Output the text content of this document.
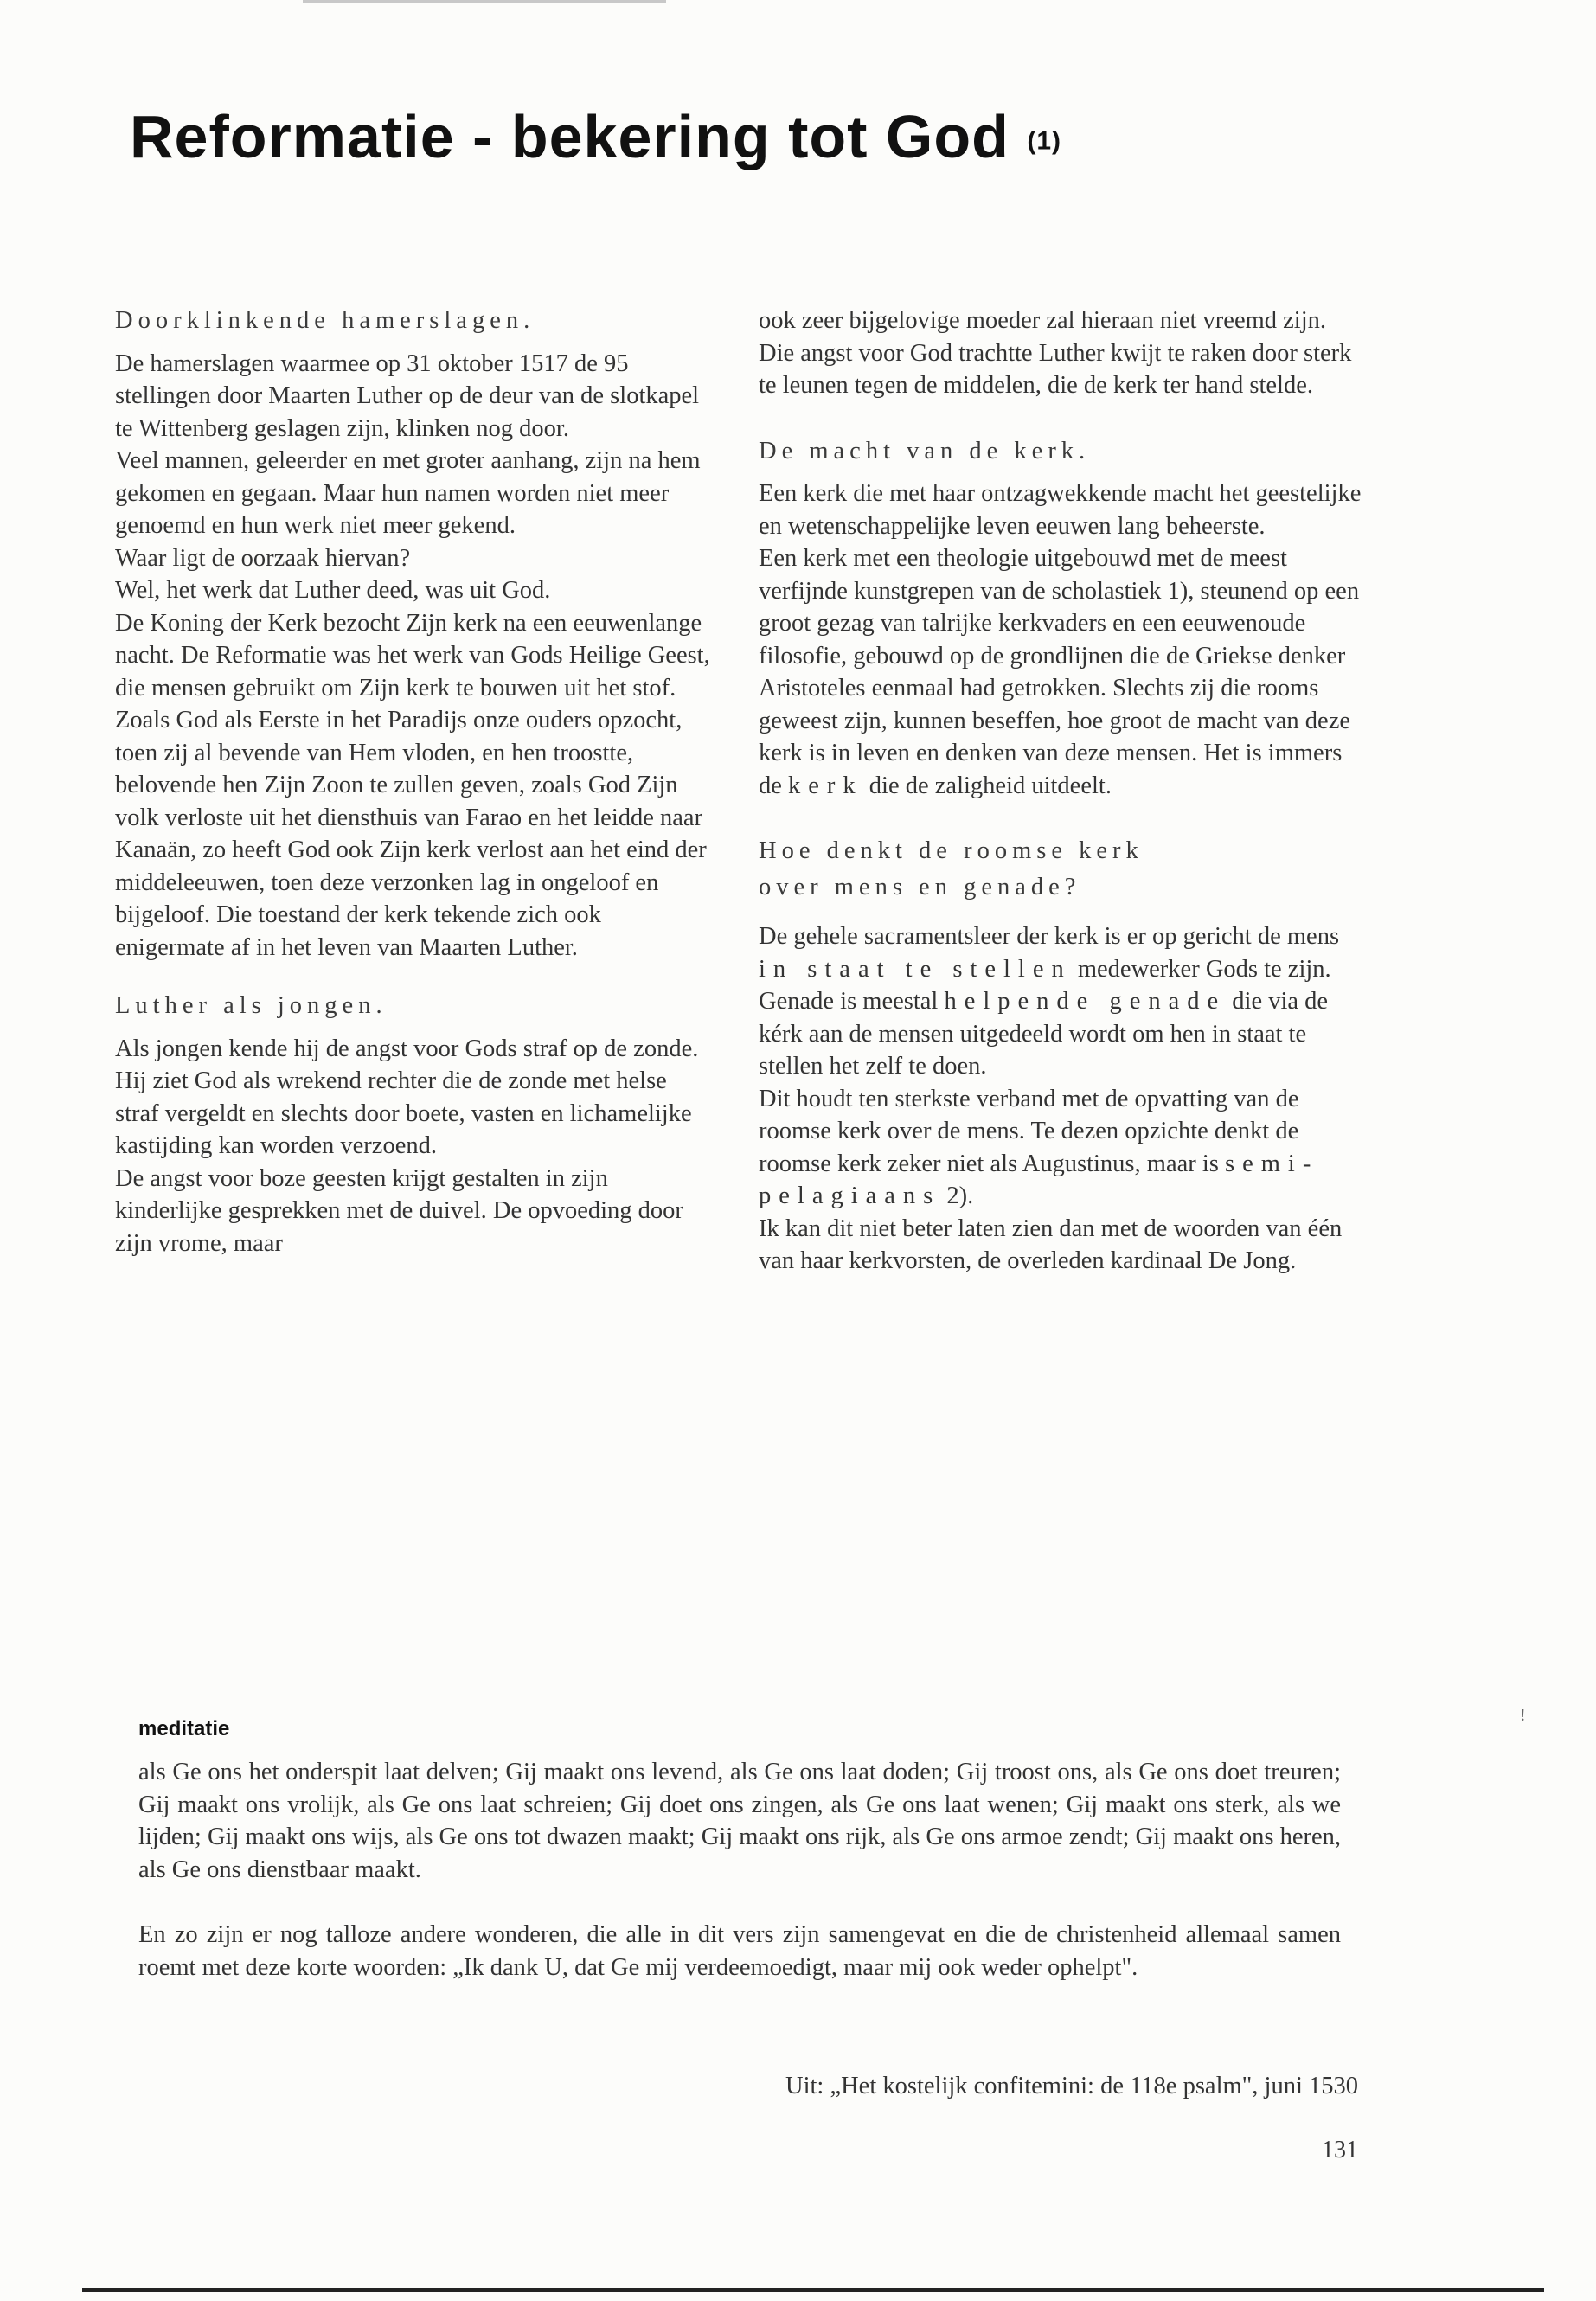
Reformatie - bekering tot God (1)

Doorklinkende hamerslagen.

De hamerslagen waarmee op 31 oktober 1517 de 95 stellingen door Maarten Luther op de deur van de slotkapel te Wittenberg geslagen zijn, klinken nog door.

Veel mannen, geleerder en met groter aanhang, zijn na hem gekomen en gegaan. Maar hun namen worden niet meer genoemd en hun werk niet meer gekend.

Waar ligt de oorzaak hiervan?

Wel, het werk dat Luther deed, was uit God.

De Koning der Kerk bezocht Zijn kerk na een eeuwenlange nacht. De Reformatie was het werk van Gods Heilige Geest, die mensen gebruikt om Zijn kerk te bouwen uit het stof.

Zoals God als Eerste in het Paradijs onze ouders opzocht, toen zij al bevende van Hem vloden, en hen troostte, belovende hen Zijn Zoon te zullen geven, zoals God Zijn volk verloste uit het diensthuis van Farao en het leidde naar Kanaän, zo heeft God ook Zijn kerk verlost aan het eind der middeleeuwen, toen deze verzonken lag in ongeloof en bijgeloof. Die toestand der kerk tekende zich ook enigermate af in het leven van Maarten Luther.

Luther als jongen.

Als jongen kende hij de angst voor Gods straf op de zonde. Hij ziet God als wrekend rechter die de zonde met helse straf vergeldt en slechts door boete, vasten en lichamelijke kastijding kan worden verzoend.

De angst voor boze geesten krijgt gestalten in zijn kinderlijke gesprekken met de duivel. De opvoeding door zijn vrome, maar

ook zeer bijgelovige moeder zal hieraan niet vreemd zijn.

Die angst voor God trachtte Luther kwijt te raken door sterk te leunen tegen de middelen, die de kerk ter hand stelde.

De macht van de kerk.

Een kerk die met haar ontzagwekkende macht het geestelijke en wetenschappelijke leven eeuwen lang beheerste.

Een kerk met een theologie uitgebouwd met de meest verfijnde kunstgrepen van de scholastiek 1), steunend op een groot gezag van talrijke kerkvaders en een eeuwenoude filosofie, gebouwd op de grondlijnen die de Griekse denker Aristoteles eenmaal had getrokken. Slechts zij die rooms geweest zijn, kunnen beseffen, hoe groot de macht van deze kerk is in leven en denken van deze mensen. Het is immers de kerk die de zaligheid uitdeelt.

Hoe denkt de roomse kerk

over mens en genade?

De gehele sacramentsleer der kerk is er op gericht de mens in staat te stellen medewerker Gods te zijn. Genade is meestal helpende genade die via de kérk aan de mensen uitgedeeld wordt om hen in staat te stellen het zelf te doen.

Dit houdt ten sterkste verband met de opvatting van de roomse kerk over de mens. Te dezen opzichte denkt de roomse kerk zeker niet als Augustinus, maar is semi-pelagiaans 2).

Ik kan dit niet beter laten zien dan met de woorden van één van haar kerkvorsten, de overleden kardinaal De Jong.

meditatie

!

als Ge ons het onderspit laat delven; Gij maakt ons levend, als Ge ons laat doden; Gij troost ons, als Ge ons doet treuren; Gij maakt ons vrolijk, als Ge ons laat schreien; Gij doet ons zingen, als Ge ons laat wenen; Gij maakt ons sterk, als we lijden; Gij maakt ons wijs, als Ge ons tot dwazen maakt; Gij maakt ons rijk, als Ge ons armoe zendt; Gij maakt ons heren, als Ge ons dienstbaar maakt.

En zo zijn er nog talloze andere wonderen, die alle in dit vers zijn samengevat en die de christenheid allemaal samen roemt met deze korte woorden: „Ik dank U, dat Ge mij verdeemoedigt, maar mij ook weder ophelpt".

Uit: „Het kostelijk confitemini: de 118e psalm", juni 1530
131
